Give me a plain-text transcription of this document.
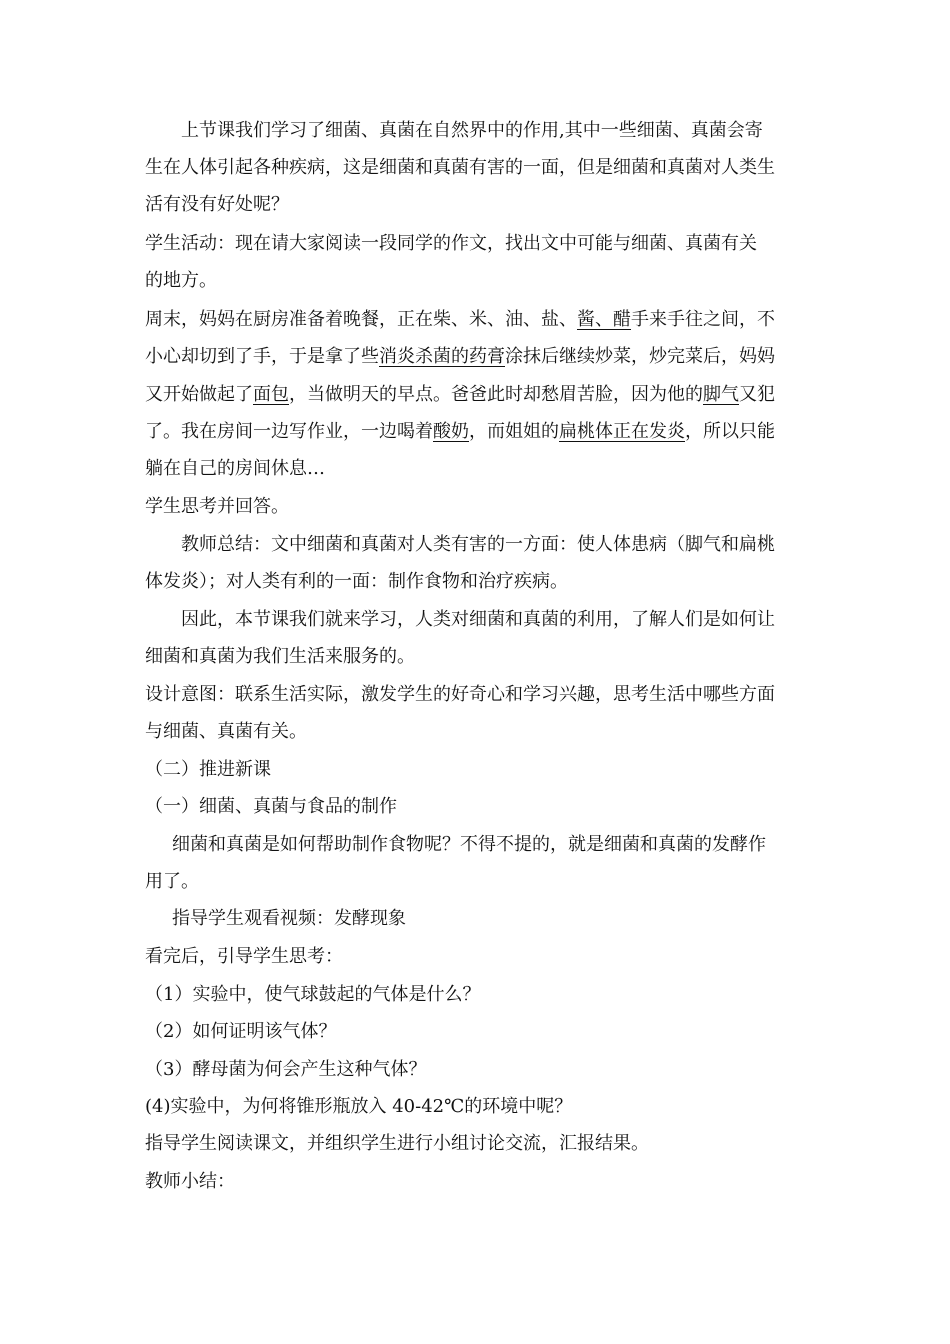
上节课我们学习了细菌、真菌在自然界中的作用,其中一些细菌、真菌会寄
生在人体引起各种疾病，这是细菌和真菌有害的一面，但是细菌和真菌对人类生
活有没有好处呢？
学生活动：现在请大家阅读一段同学的作文，找出文中可能与细菌、真菌有关
的地方。
周末，妈妈在厨房准备着晚餐，正在柴、米、油、盐、酱、醋手来手往之间，不
小心却切到了手，于是拿了些消炎杀菌的药膏涂抹后继续炒菜，炒完菜后，妈妈
又开始做起了面包，当做明天的早点。爸爸此时却愁眉苦脸，因为他的脚气又犯
了。我在房间一边写作业，一边喝着酸奶，而姐姐的扁桃体正在发炎，所以只能
躺在自己的房间休息…
学生思考并回答。
教师总结：文中细菌和真菌对人类有害的一方面：使人体患病（脚气和扁桃
体发炎）；对人类有利的一面：制作食物和治疗疾病。
因此，本节课我们就来学习，人类对细菌和真菌的利用，了解人们是如何让
细菌和真菌为我们生活来服务的。
设计意图：联系生活实际，激发学生的好奇心和学习兴趣，思考生活中哪些方面
与细菌、真菌有关。
（二）推进新课
（一）细菌、真菌与食品的制作
细菌和真菌是如何帮助制作食物呢？不得不提的，就是细菌和真菌的发酵作
用了。
指导学生观看视频：发酵现象
看完后，引导学生思考：
（1）实验中，使气球鼓起的气体是什么？
（2）如何证明该气体？
（3）酵母菌为何会产生这种气体？
(4)实验中，为何将锥形瓶放入 40-42℃的环境中呢？
指导学生阅读课文，并组织学生进行小组讨论交流，汇报结果。
教师小结：
